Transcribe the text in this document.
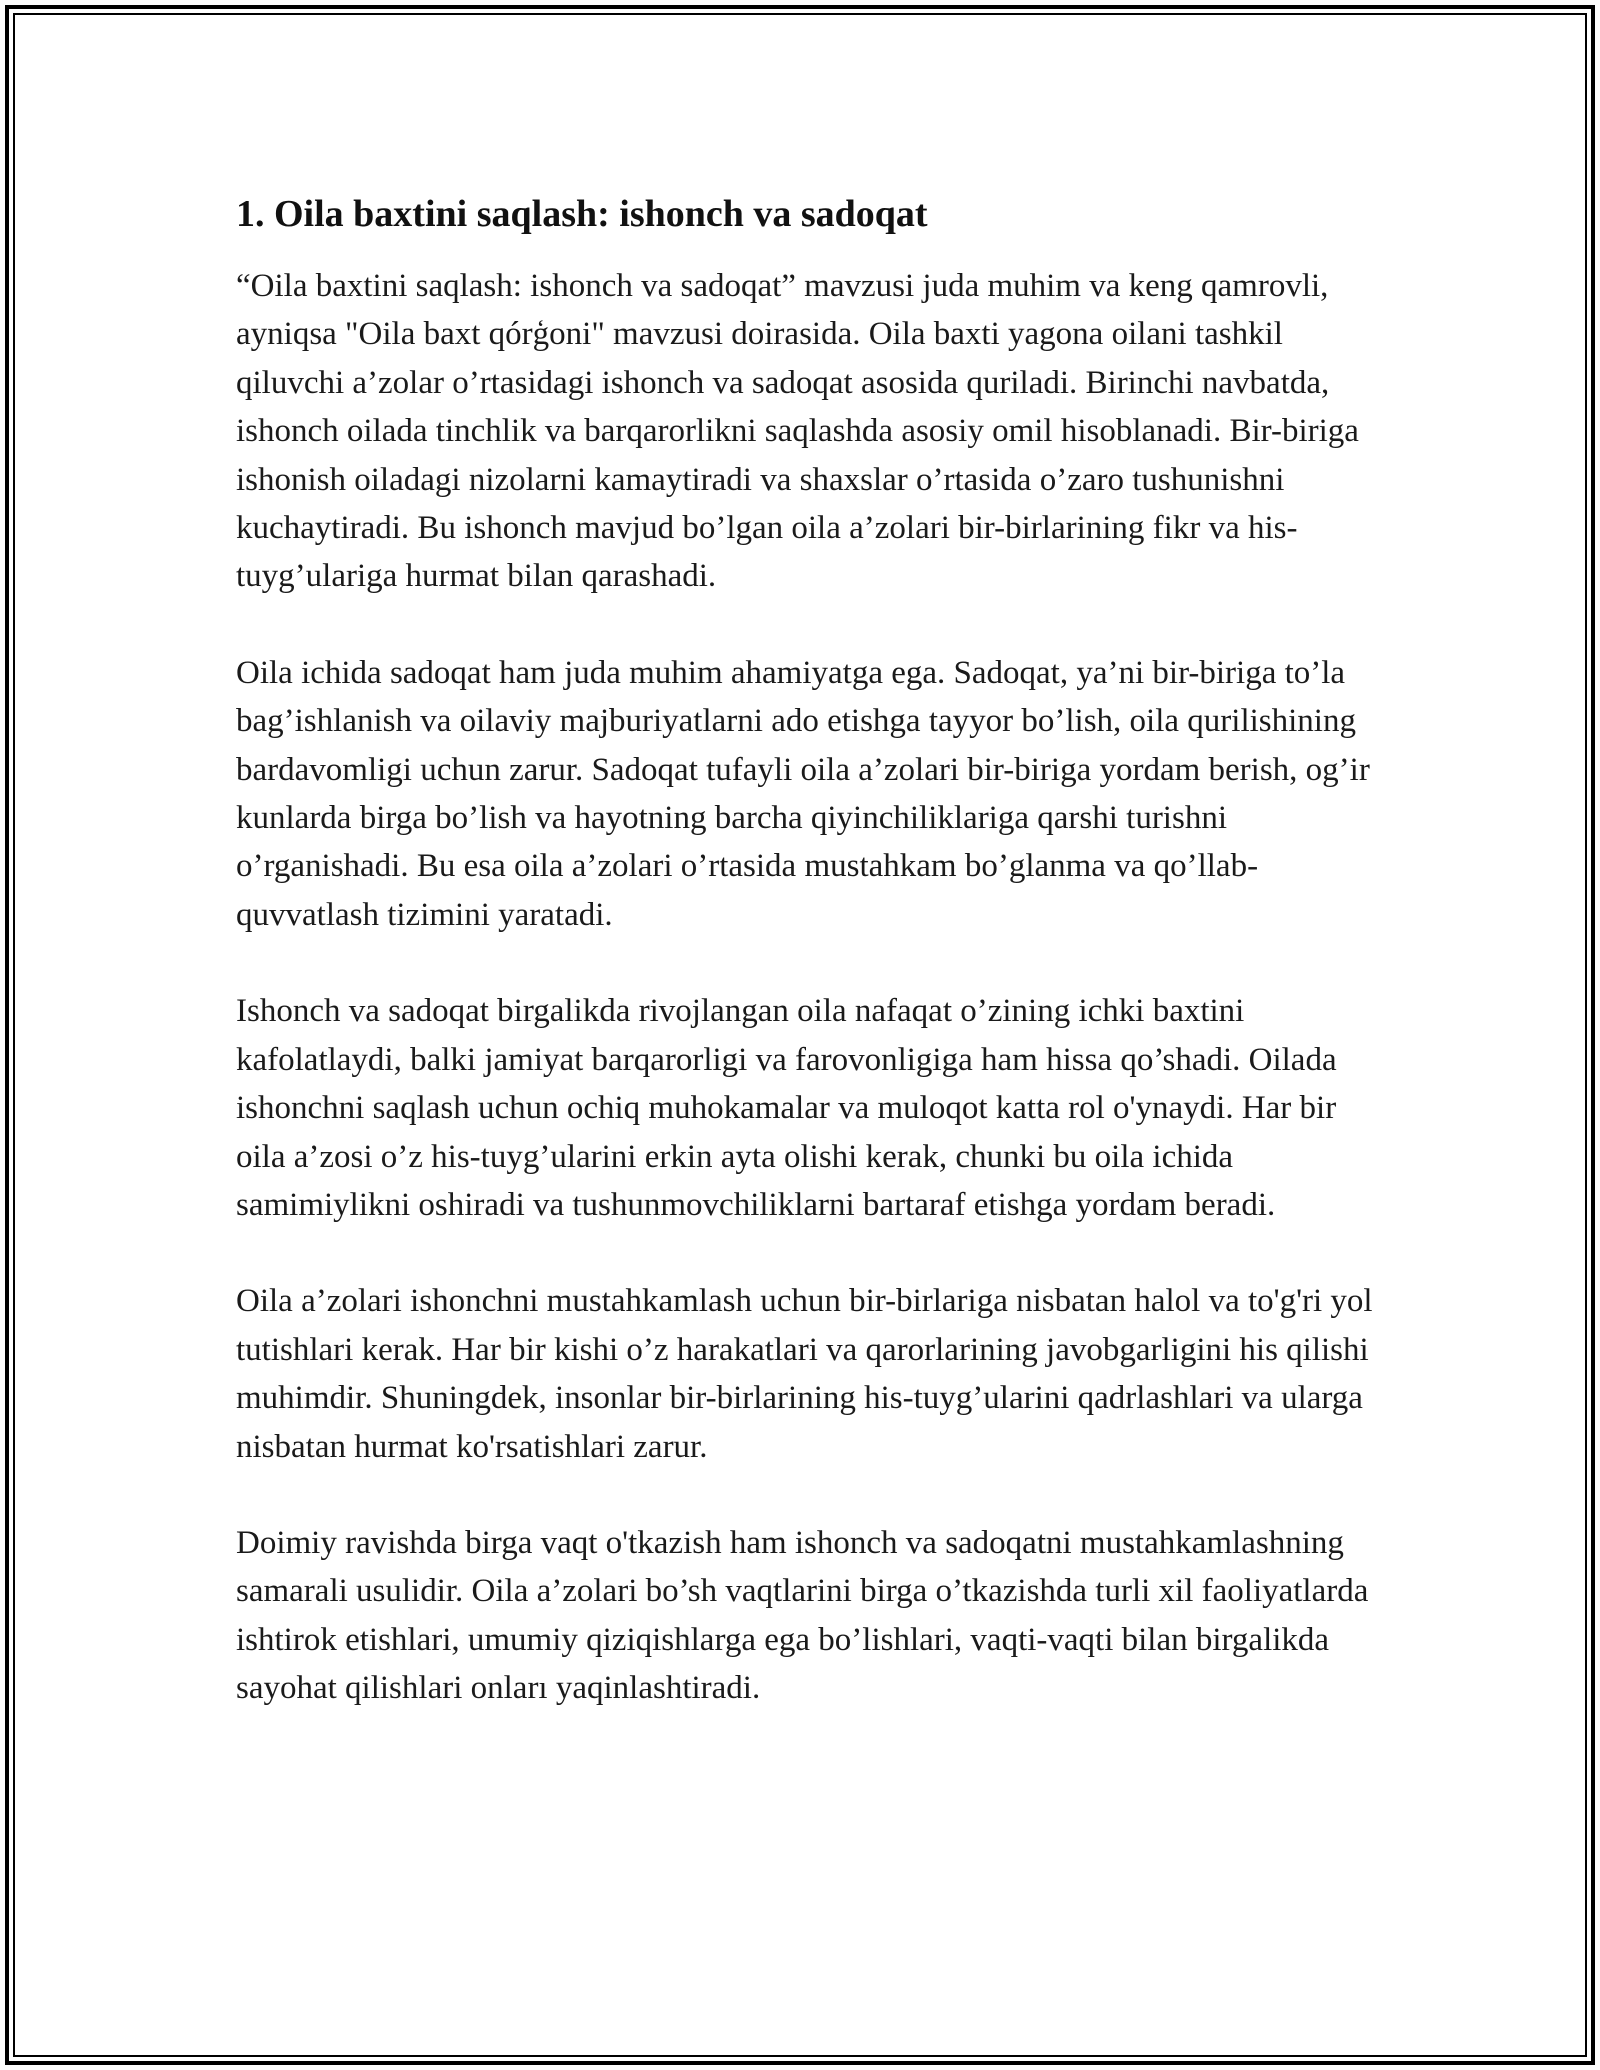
1. Oila baxtini saqlash: ishonch va sadoqat

“Oila baxtini saqlash: ishonch va sadoqat” mavzusi juda muhim va keng qamrovli, ayniqsa "Oila baxt qórģoni" mavzusi doirasida. Oila baxti yagona oilani tashkil qiluvchi a’zolar o’rtasidagi ishonch va sadoqat asosida quriladi. Birinchi navbatda, ishonch oilada tinchlik va barqarorlikni saqlashda asosiy omil hisoblanadi. Bir-biriga ishonish oiladagi nizolarni kamaytiradi va shaxslar o’rtasida o’zaro tushunishni kuchaytiradi. Bu ishonch mavjud bo’lgan oila a’zolari bir-birlarining fikr va his-tuyg’ulariga hurmat bilan qarashadi.

Oila ichida sadoqat ham juda muhim ahamiyatga ega. Sadoqat, ya’ni bir-biriga to’la bag’ishlanish va oilaviy majburiyatlarni ado etishga tayyor bo’lish, oila qurilishining bardavomligi uchun zarur. Sadoqat tufayli oila a’zolari bir-biriga yordam berish, og’ir kunlarda birga bo’lish va hayotning barcha qiyinchiliklariga qarshi turishni o’rganishadi. Bu esa oila a’zolari o’rtasida mustahkam bo’glanma va qo’llab-quvvatlash tizimini yaratadi.

Ishonch va sadoqat birgalikda rivojlangan oila nafaqat o’zining ichki baxtini kafolatlaydi, balki jamiyat barqarorligi va farovonligiga ham hissa qo’shadi. Oilada ishonchni saqlash uchun ochiq muhokamalar va muloqot katta rol o'ynaydi. Har bir oila a’zosi o’z his-tuyg’ularini erkin ayta olishi kerak, chunki bu oila ichida samimiylikni oshiradi va tushunmovchiliklarni bartaraf etishga yordam beradi.

Oila a’zolari ishonchni mustahkamlash uchun bir-birlariga nisbatan halol va to'g'ri yol tutishlari kerak. Har bir kishi o’z harakatlari va qarorlarining javobgarligini his qilishi muhimdir. Shuningdek, insonlar bir-birlarining his-tuyg’ularini qadrlashlari va ularga nisbatan hurmat ko'rsatishlari zarur.

Doimiy ravishda birga vaqt o'tkazish ham ishonch va sadoqatni mustahkamlashning samarali usulidir. Oila a’zolari bo’sh vaqtlarini birga o’tkazishda turli xil faoliyatlarda ishtirok etishlari, umumiy qiziqishlarga ega bo’lishlari, vaqti-vaqti bilan birgalikda sayohat qilishlari onları yaqinlashtiradi.
